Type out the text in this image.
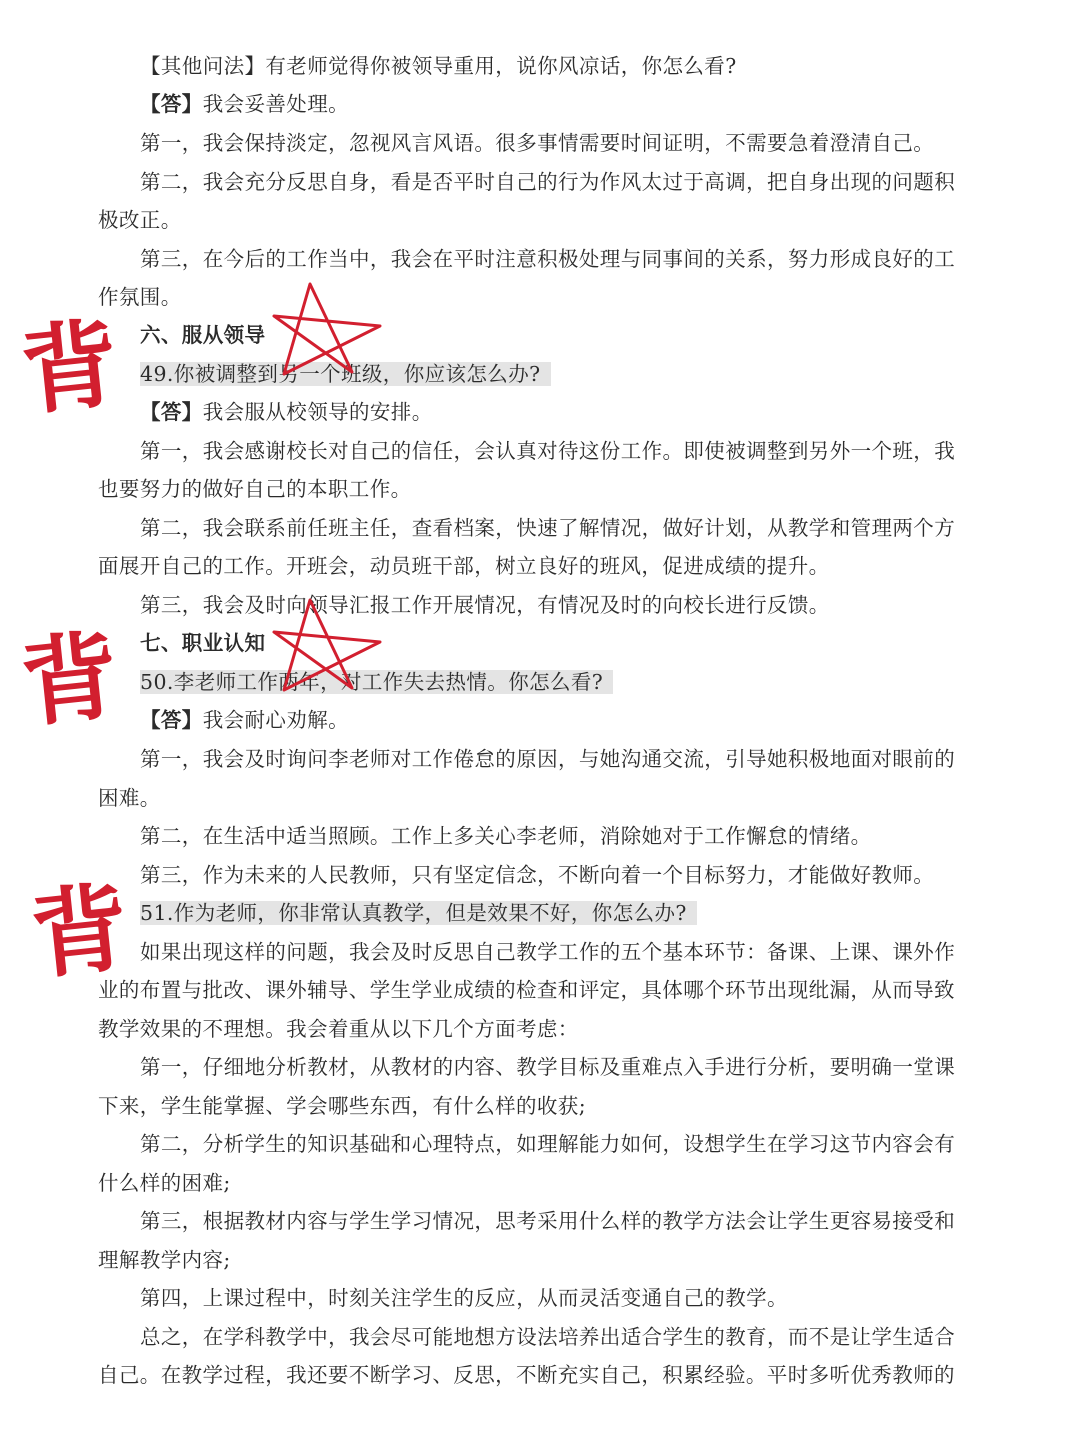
【其他问法】有老师觉得你被领导重用，说你风凉话，你怎么看?
【答】我会妥善处理。
第一，我会保持淡定，忽视风言风语。很多事情需要时间证明，不需要急着澄清自己。
第二，我会充分反思自身，看是否平时自己的行为作风太过于高调，把自身出现的问题积
极改正。
第三，在今后的工作当中，我会在平时注意积极处理与同事间的关系，努力形成良好的工
作氛围。
六、服从领导
49.你被调整到另一个班级，你应该怎么办?
【答】我会服从校领导的安排。
第一，我会感谢校长对自己的信任，会认真对待这份工作。即使被调整到另外一个班，我
也要努力的做好自己的本职工作。
第二，我会联系前任班主任，查看档案，快速了解情况，做好计划，从教学和管理两个方
面展开自己的工作。开班会，动员班干部，树立良好的班风，促进成绩的提升。
第三，我会及时向领导汇报工作开展情况，有情况及时的向校长进行反馈。
七、职业认知
50.李老师工作两年，对工作失去热情。你怎么看?
【答】我会耐心劝解。
第一，我会及时询问李老师对工作倦怠的原因，与她沟通交流，引导她积极地面对眼前的
困难。
第二，在生活中适当照顾。工作上多关心李老师，消除她对于工作懈怠的情绪。
第三，作为未来的人民教师，只有坚定信念，不断向着一个目标努力，才能做好教师。
51.作为老师，你非常认真教学，但是效果不好，你怎么办?
如果出现这样的问题，我会及时反思自己教学工作的五个基本环节：备课、上课、课外作
业的布置与批改、课外辅导、学生学业成绩的检查和评定，具体哪个环节出现纰漏，从而导致
教学效果的不理想。我会着重从以下几个方面考虑：
第一，仔细地分析教材，从教材的内容、教学目标及重难点入手进行分析，要明确一堂课
下来，学生能掌握、学会哪些东西，有什么样的收获;
第二，分析学生的知识基础和心理特点，如理解能力如何，设想学生在学习这节内容会有
什么样的困难;
第三，根据教材内容与学生学习情况，思考采用什么样的教学方法会让学生更容易接受和
理解教学内容;
第四，上课过程中，时刻关注学生的反应，从而灵活变通自己的教学。
总之，在学科教学中，我会尽可能地想方设法培养出适合学生的教育，而不是让学生适合
自己。在教学过程，我还要不断学习、反思，不断充实自己，积累经验。平时多听优秀教师的
背
背
背
